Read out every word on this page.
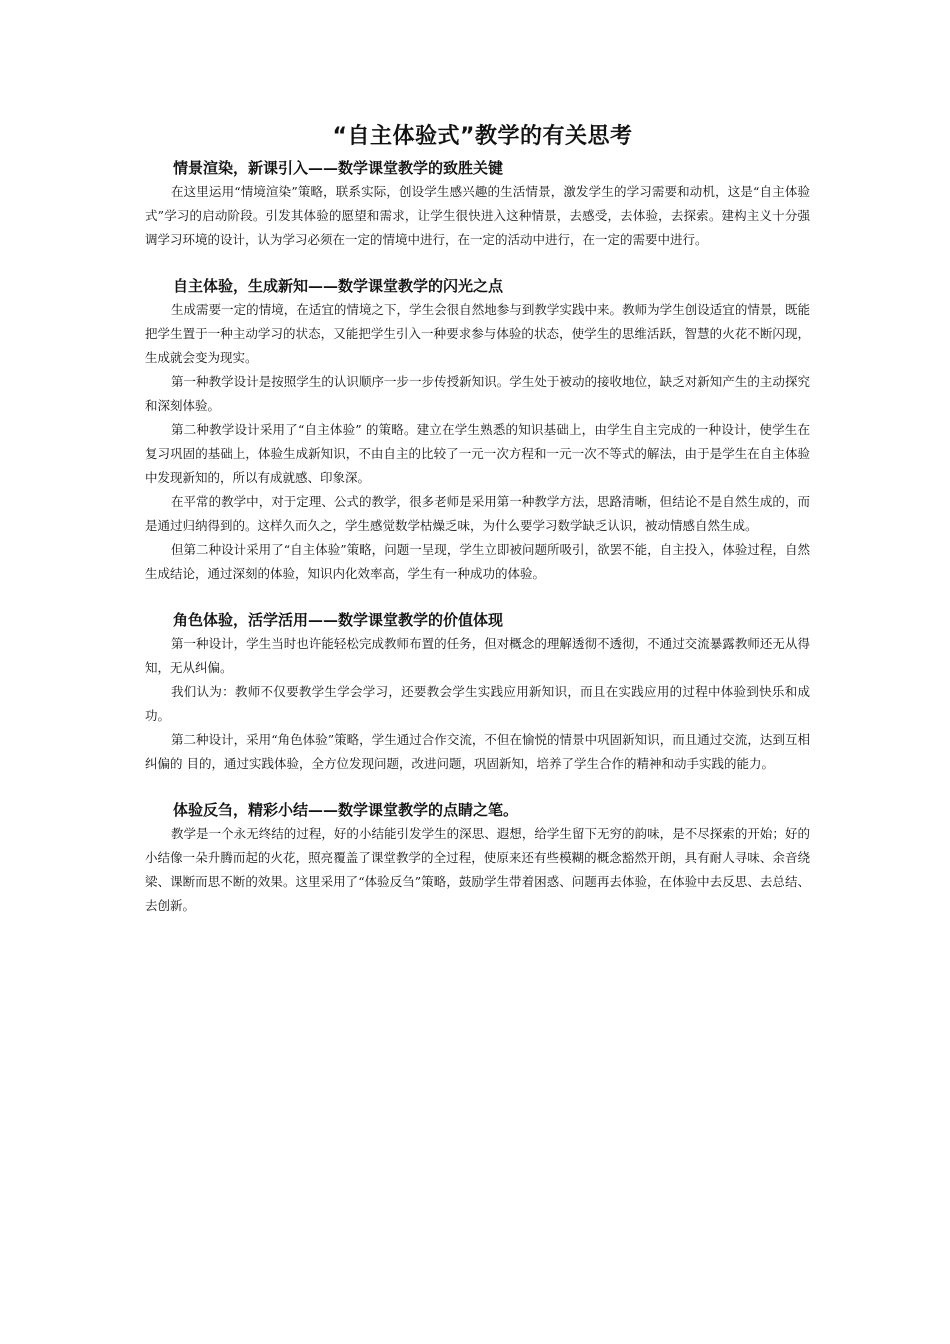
“自主体验式”教学的有关思考
情景渲染，新课引入——数学课堂教学的致胜关键

在这里运用“情境渲染”策略，联系实际，创设学生感兴趣的生活情景，激发学生的学习需要和动机，这是“自主体验式”学习的启动阶段。引发其体验的愿望和需求，让学生很快进入这种情景，去感受，去体验，去探索。建构主义十分强调学习环境的设计，认为学习必须在一定的情境中进行，在一定的活动中进行，在一定的需要中进行。

自主体验，生成新知——数学课堂教学的闪光之点

生成需要一定的情境，在适宜的情境之下，学生会很自然地参与到教学实践中来。教师为学生创设适宜的情景，既能把学生置于一种主动学习的状态，又能把学生引入一种要求参与体验的状态，使学生的思维活跃，智慧的火花不断闪现，生成就会变为现实。

第一种教学设计是按照学生的认识顺序一步一步传授新知识。学生处于被动的接收地位，缺乏对新知产生的主动探究和深刻体验。

第二种教学设计采用了“自主体验” 的策略。建立在学生熟悉的知识基础上，由学生自主完成的一种设计，使学生在复习巩固的基础上，体验生成新知识，不由自主的比较了一元一次方程和一元一次不等式的解法，由于是学生在自主体验中发现新知的，所以有成就感、印象深。

在平常的教学中，对于定理、公式的教学，很多老师是采用第一种教学方法，思路清晰，但结论不是自然生成的，而是通过归纳得到的。这样久而久之，学生感觉数学枯燥乏味，为什么要学习数学缺乏认识，被动情感自然生成。

但第二种设计采用了“自主体验”策略，问题一呈现，学生立即被问题所吸引，欲罢不能，自主投入，体验过程，自然生成结论，通过深刻的体验，知识内化效率高，学生有一种成功的体验。

角色体验，活学活用——数学课堂教学的价值体现

第一种设计，学生当时也许能轻松完成教师布置的任务，但对概念的理解透彻不透彻，不通过交流暴露教师还无从得知，无从纠偏。

我们认为：教师不仅要教学生学会学习，还要教会学生实践应用新知识，而且在实践应用的过程中体验到快乐和成功。

第二种设计，采用“角色体验”策略，学生通过合作交流，不但在愉悦的情景中巩固新知识，而且通过交流，达到互相纠偏的 目的，通过实践体验，全方位发现问题，改进问题，巩固新知，培养了学生合作的精神和动手实践的能力。

体验反刍，精彩小结——数学课堂教学的点睛之笔。

教学是一个永无终结的过程，好的小结能引发学生的深思、遐想，给学生留下无穷的韵味，是不尽探索的开始；好的小结像一朵升腾而起的火花，照亮覆盖了课堂教学的全过程，使原来还有些模糊的概念豁然开朗，具有耐人寻味、余音绕梁、课断而思不断的效果。这里采用了“体验反刍”策略，鼓励学生带着困惑、问题再去体验，在体验中去反思、去总结、去创新。
